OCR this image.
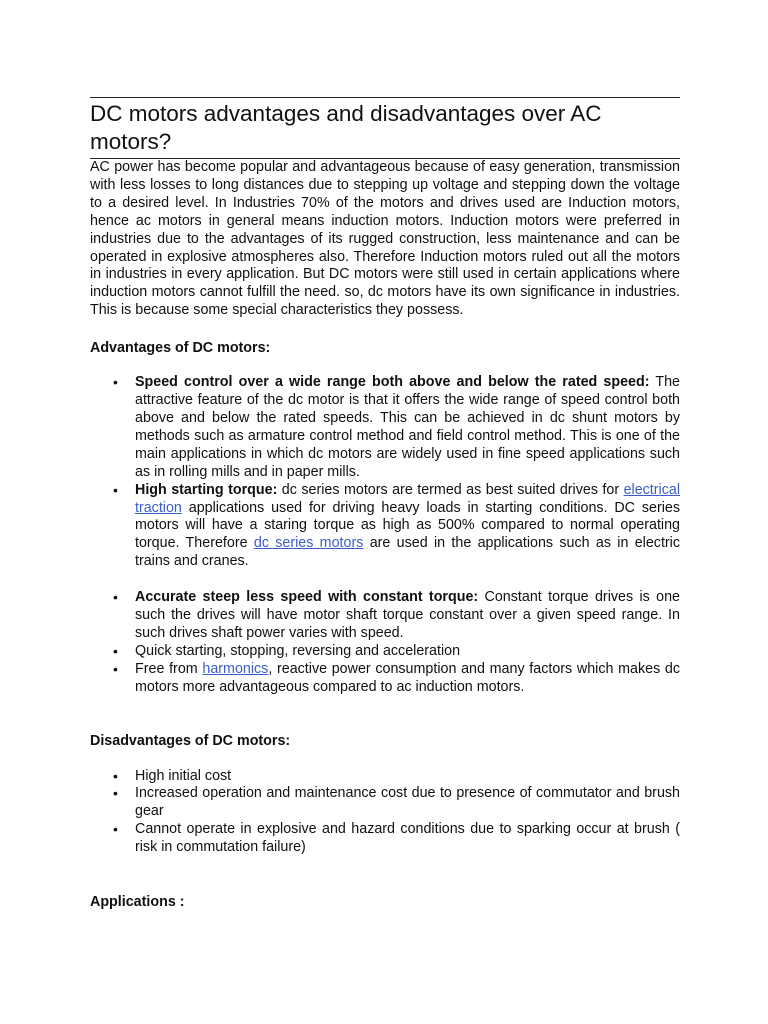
DC motors advantages and disadvantages over AC motors?

AC power has become popular and advantageous because of easy generation, transmission with less losses to long distances due to stepping up voltage and stepping down the voltage to a desired level. In Industries 70% of the motors and drives used are Induction motors, hence ac motors in general means induction motors. Induction motors were preferred in industries due to the advantages of its rugged construction, less maintenance and can be operated in explosive atmospheres also. Therefore Induction motors ruled out all the motors in industries in every application. But DC motors were still used in certain applications where induction motors cannot fulfill the need. so, dc motors have its own significance in industries. This is because some special characteristics they possess.

Advantages of DC motors:

• Speed control over a wide range both above and below the rated speed: The attractive feature of the dc motor is that it offers the wide range of speed control both above and below the rated speeds. This can be achieved in dc shunt motors by methods such as armature control method and field control method. This is one of the main applications in which dc motors are widely used in fine speed applications such as in rolling mills and in paper mills.
• High starting torque: dc series motors are termed as best suited drives for electrical traction applications used for driving heavy loads in starting conditions. DC series motors will have a staring torque as high as 500% compared to normal operating torque. Therefore dc series motors are used in the applications such as in electric trains and cranes.
• Accurate steep less speed with constant torque: Constant torque drives is one such the drives will have motor shaft torque constant over a given speed range. In such drives shaft power varies with speed.
• Quick starting, stopping, reversing and acceleration
• Free from harmonics, reactive power consumption and many factors which makes dc motors more advantageous compared to ac induction motors.

Disadvantages of DC motors:

• High initial cost
• Increased operation and maintenance cost due to presence of commutator and brush gear
• Cannot operate in explosive and hazard conditions due to sparking occur at brush ( risk in commutation failure)

Applications :
